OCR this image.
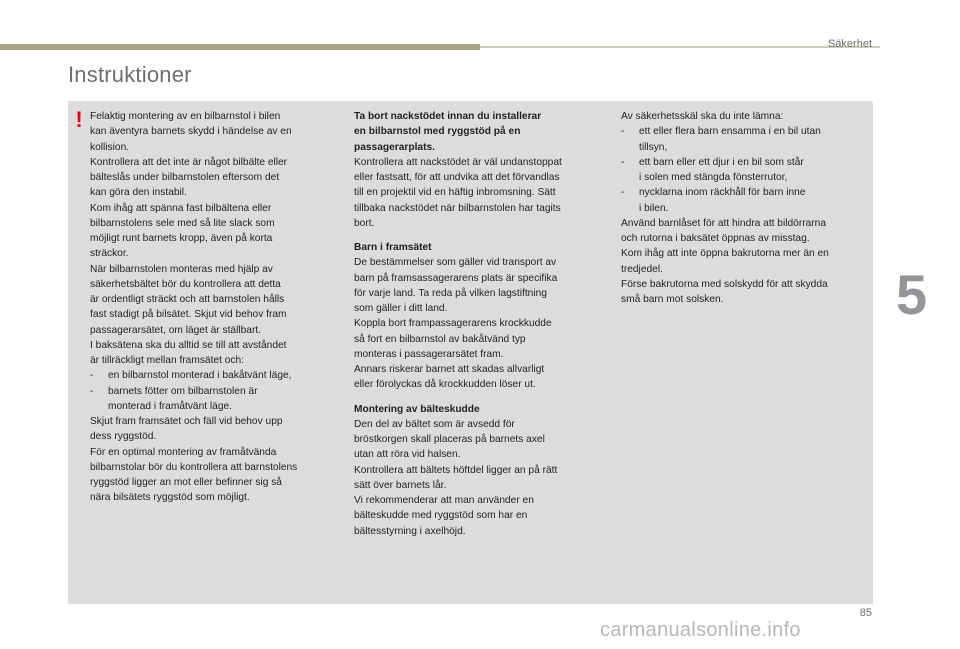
Säkerhet
Instruktioner
! Felaktig montering av en bilbarnstol i bilen

kan äventyra barnets skydd i händelse av en

kollision.

Kontrollera att det inte är något bilbälte eller

bälteslås under bilbarnstolen eftersom det

kan göra den instabil.

Kom ihåg att spänna fast bilbältena eller

bilbarnstolens sele med så lite slack som

möjligt runt barnets kropp, även på korta

sträckor.

När bilbarnstolen monteras med hjälp av

säkerhetsbältet bör du kontrollera att detta

är ordentligt sträckt och att barnstolen hålls

fast stadigt på bilsätet. Skjut vid behov fram

passagerarsätet, om läget är ställbart.

I baksätena ska du alltid se till att avståndet

är tillräckligt mellan framsätet och:

- en bilbarnstol monterad i bakåtvänt läge,

- barnets fötter om bilbarnstolen är

monterad i framåtvänt läge.

Skjut fram framsätet och fäll vid behov upp

dess ryggstöd.

För en optimal montering av framåtvända

bilbarnstolar bör du kontrollera att barnstolens

ryggstöd ligger an mot eller befinner sig så

nära bilsätets ryggstöd som möjligt.

Ta bort nackstödet innan du installerar

en bilbarnstol med ryggstöd på en

passagerarplats.

Kontrollera att nackstödet är väl undanstoppat

eller fastsatt, för att undvika att det förvandlas

till en projektil vid en häftig inbromsning. Sätt

tillbaka nackstödet när bilbarnstolen har tagits

bort.

Barn i framsätet

De bestämmelser som gäller vid transport av

barn på framsassagerarens plats är specifika

för varje land. Ta reda på vilken lagstiftning

som gäller i ditt land.

Koppla bort frampassagerarens krockkudde

så fort en bilbarnstol av bakåtvänd typ

monteras i passagerarsätet fram.

Annars riskerar barnet att skadas allvarligt

eller förolyckas då krockkudden löser ut.

Montering av bälteskudde

Den del av bältet som är avsedd för

bröstkorgen skall placeras på barnets axel

utan att röra vid halsen.

Kontrollera att bältets höftdel ligger an på rätt

sätt över barnets lår.

Vi rekommenderar att man använder en

bälteskudde med ryggstöd som har en

bältesstyrning i axelhöjd.

Av säkerhetsskäl ska du inte lämna:

- ett eller flera barn ensamma i en bil utan

tillsyn,

- ett barn eller ett djur i en bil som står

i solen med stängda fönsterrutor,

- nycklarna inom räckhåll för barn inne

i bilen.

Använd barnlåset för att hindra att bildörrarna

och rutorna i baksätet öppnas av misstag.

Kom ihåg att inte öppna bakrutorna mer än en

tredjedel.

Förse bakrutorna med solskydd för att skydda

små barn mot solsken.	5
85
carmanualsonline.info
